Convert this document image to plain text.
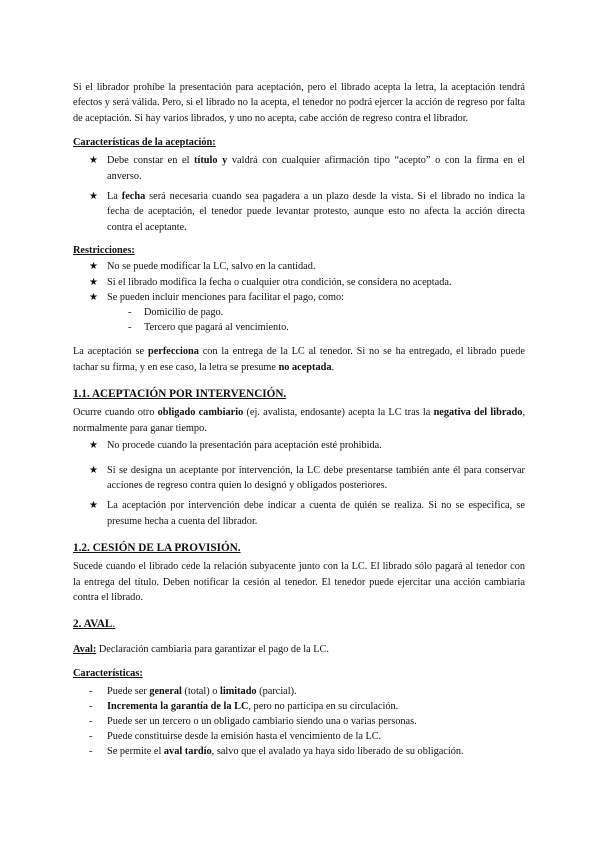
Si el librador prohíbe la presentación para aceptación, pero el librado acepta la letra, la aceptación tendrá efectos y será válida. Pero, si el librado no la acepta, el tenedor no podrá ejercer la acción de regreso por falta de aceptación. Si hay varios librados, y uno no acepta, cabe acción de regreso contra el librador.

Características de la aceptación:

★ Debe constar en el título y valdrá con cualquier afirmación tipo “acepto” o con la firma en el anverso.
★ La fecha será necesaria cuando sea pagadera a un plazo desde la vista. Si el librado no indica la fecha de aceptación, el tenedor puede levantar protesto, aunque esto no afecta la acción directa contra el aceptante.

Restricciones:

★ No se puede modificar la LC, salvo en la cantidad.
★ Si el librado modifica la fecha o cualquier otra condición, se considera no aceptada.
★ Se pueden incluir menciones para facilitar el pago, como:
- Domicilio de pago.
- Tercero que pagará al vencimiento.

La aceptación se perfecciona con la entrega de la LC al tenedor. Si no se ha entregado, el librado puede tachar su firma, y en ese caso, la letra se presume no aceptada.

1.1. ACEPTACIÓN POR INTERVENCIÓN.

Ocurre cuando otro obligado cambiario (ej. avalista, endosante) acepta la LC tras la negativa del librado, normalmente para ganar tiempo.

★ No procede cuando la presentación para aceptación esté prohibida.
★ Si se designa un aceptante por intervención, la LC debe presentarse también ante él para conservar acciones de regreso contra quien lo designó y obligados posteriores.
★ La aceptación por intervención debe indicar a cuenta de quién se realiza. Si no se especifica, se presume hecha a cuenta del librador.

1.2. CESIÓN DE LA PROVISIÓN.

Sucede cuando el librado cede la relación subyacente junto con la LC. El librado sólo pagará al tenedor con la entrega del título. Deben notificar la cesión al tenedor. El tenedor puede ejercitar una acción cambiaria contra el librado.

2. AVAL.

Aval: Declaración cambiaria para garantizar el pago de la LC.

Características:

- Puede ser general (total) o limitado (parcial).
- Incrementa la garantía de la LC, pero no participa en su circulación.
- Puede ser un tercero o un obligado cambiario siendo una o varias personas.
- Puede constituirse desde la emisión hasta el vencimiento de la LC.
- Se permite el aval tardío, salvo que el avalado ya haya sido liberado de su obligación.
